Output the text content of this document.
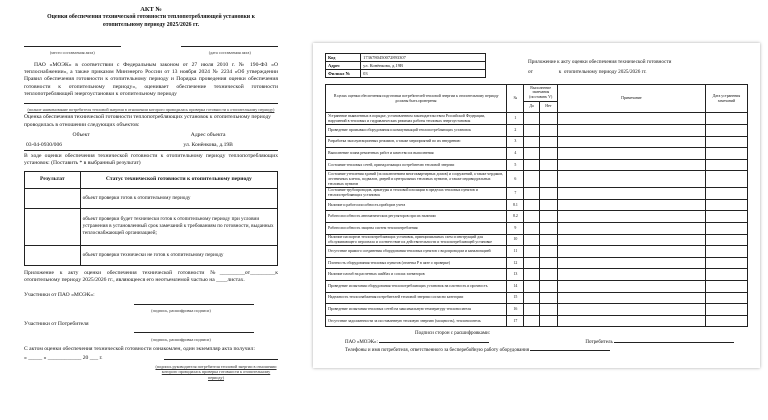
АКТ №
Оценки обеспечения технической готовности теплопотребляющей установки к отопительному периоду 2025/2026 гг.
(место составления акта)	(дата составления акта)
ПАО «МОЭК» в соответствии с Федеральным законом от 27 июля 2010 г. № 190-ФЗ «О теплоснабжении», а также приказом Минэнерго России от 13 ноября 2024 № 2234 «Об утверждении Правил обеспечения готовности к отопительному периоду и Порядка проведения оценки обеспечения готовности к отопительному периоду», оценивает обеспечение технической готовности теплопотребляющей энергоустановки к отопительному периоду
(полное наименование потребителя тепловой энергии в отношении которого проводилась проверка готовности к отопительному периоду)
Оценка обеспечения технической готовности теплопотребляющих установок к отопительному периоду проводилась в отношении следующих объектов:
Объект	Адрес объекта
03-04-0930/006	ул. Конёнкова, д.19В
В ходе оценки обеспечения технической готовности к отопительному периоду теплопотребляющих установок: (Поставить * в выбранный результат)
Результат	Статус технической готовности к отопительному периоду
	объект проверки готов к отопительному периоду
	объект проверки будет технически готов к отопительному периоду при условии устранения в установленный срок замечаний к требованиям по готовности, выданных теплоснабжающей организацией;
	объект проверки технически не готов к отопительному периоду
Приложение к акту оценки обеспечения технической готовности №_________от_________к отопительному периоду 2025/2026 гг., являющееся его неотъемлемой частью на ____листах.
Участники от ПАО «МОЭК»:
(подпись, расшифровка подписи)
Участники от Потребителя
(подпись, расшифровка подписи)
С актом оценки обеспечения технической готовности ознакомлен, один экземпляр акта получил:
« _____ » ____________ 20 ___ г.
(подпись руководителя потребителя тепловой энергии в отношении которого проводилась проверка готовности к отопительному периоду)
Код	1736780450072893307
Адрес	ул. Конёнкова, д.19В
Филиал №	03
Приложение к акту оценки обеспечения технической готовности
от                    к  отопительному периоду 2025/2026 гг.
В целях оценки обеспечения подготовки потребителей тепловой энергии к отопительному периоду должны быть проверены:	№	Выполнение замечания (поставить V)		Примечание	Дата устранения замечаний
		Да	Нет		
Устранение выявленных в порядке, установленном законодательством Российской Федерации, нарушений в тепловых и гидравлических режимах работы тепловых энергоустановок	1				
Проведение промывки оборудования и коммуникаций теплопотребляющих установок	2				
Разработка эксплуатационных режимов, а также мероприятий по их внедрению	3				
Выполнение плана ремонтных работ и качество их выполнения	4				
Состояние тепловых сетей, принадлежащих потребителю тепловой энергии	5				
Состояние утепления зданий (за исключением многоквартирных домов) и сооружений, а также чердаков, лестничных клеток, подвалов, дверей и центральных тепловых пунктов, а также индивидуальных тепловых пунктов	6				
Состояние трубопроводов, арматуры и тепловой изоляции в пределах тепловых пунктов и теплопотребляющих установок	7				
Наличие и работоспособность приборов учета	8.1				
Работоспособность автоматических регуляторов при их наличии	8.2				
Работоспособность защиты систем теплопотребления	9				
Наличие паспортов теплопотребляющих установок, принципиальных схем и инструкций для обслуживающего персонала и соответствие их действительности и теплопотребляющей установке	10				
Отсутствие прямого соединения оборудования тепловых пунктов с водопроводом и канализацией	11				
Плотность оборудования тепловых пунктов (отметка Р в акте о проверке)	12				
Наличие пломб на расчетных шайбах и соплах элеваторов	13				
Проведение испытания оборудования теплопотребляющих установок на плотность и прочность	14				
Надежность теплоснабжения потребителей тепловой энергии согласно категории	15				
Проведение испытания тепловых сетей на максимальную температуру теплоносителя	16				
Отсутствие задолженности за поставленную тепловую энергию (мощность), теплоноситель	17				
Подписи сторон с расшифровками:
ПАО «МОЭК»:	Потребитель
Телефоны и имя потребителя, ответственного за бесперебойную работу оборудования
